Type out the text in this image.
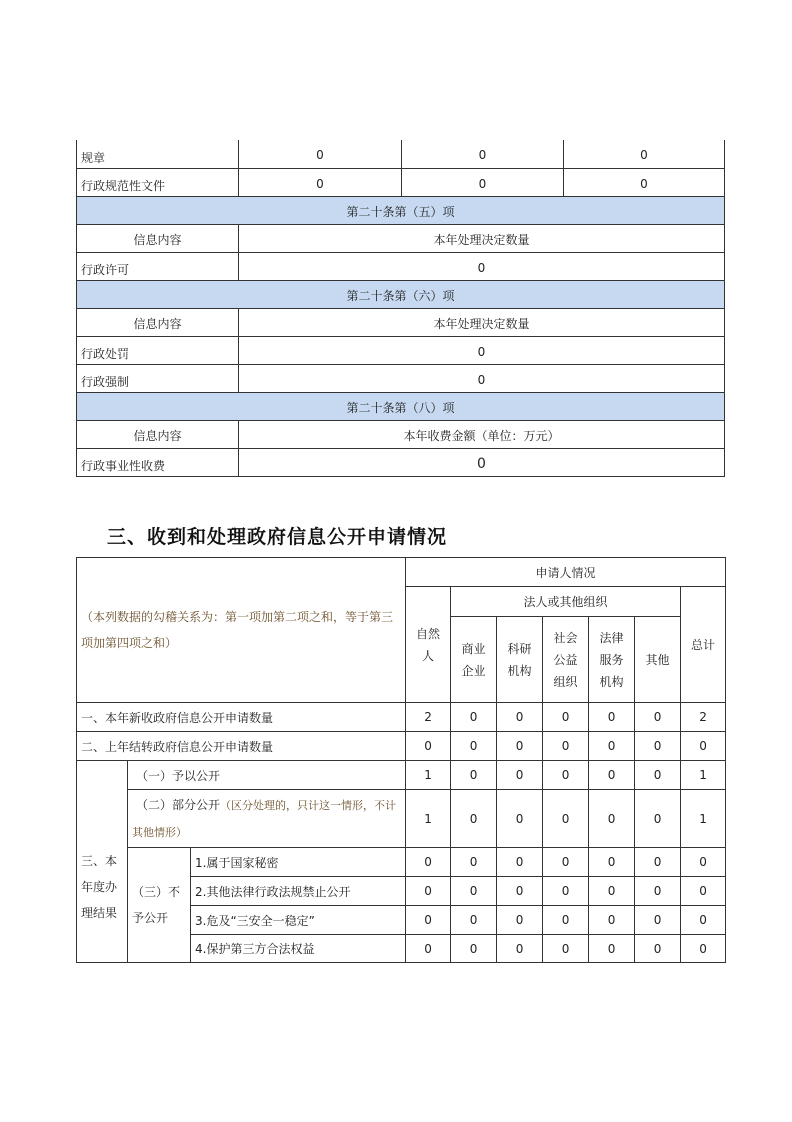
规章	0	0	0
行政规范性文件	0	0	0
第二十条第（五）项			
信息内容	本年处理决定数量		
行政许可	0		
第二十条第（六）项			
信息内容	本年处理决定数量		
行政处罚	0		
行政强制	0		
第二十条第（八）项			
信息内容	本年收费金额（单位：万元）		
行政事业性收费	0		
三、收到和处理政府信息公开申请情况
（本列数据的勾稽关系为：第一项加第二项之和，等于第三项加第四项之和）			申请人情况						
			自然人	法人或其他组织					总计
				商业企业	科研机构	社会公益组织	法律服务机构	其他	
一、本年新收政府信息公开申请数量			2	0	0	0	0	0	2
二、上年结转政府信息公开申请数量			0	0	0	0	0	0	0
三、本年度办理结果	（一）予以公开		1	0	0	0	0	0	1
	（二）部分公开（区分处理的，只计这一情形，不计其他情形）		1	0	0	0	0	0	1
	（三）不予公开	1.属于国家秘密	0	0	0	0	0	0	0
		2.其他法律行政法规禁止公开	0	0	0	0	0	0	0
		3.危及“三安全一稳定”	0	0	0	0	0	0	0
		4.保护第三方合法权益	0	0	0	0	0	0	0
